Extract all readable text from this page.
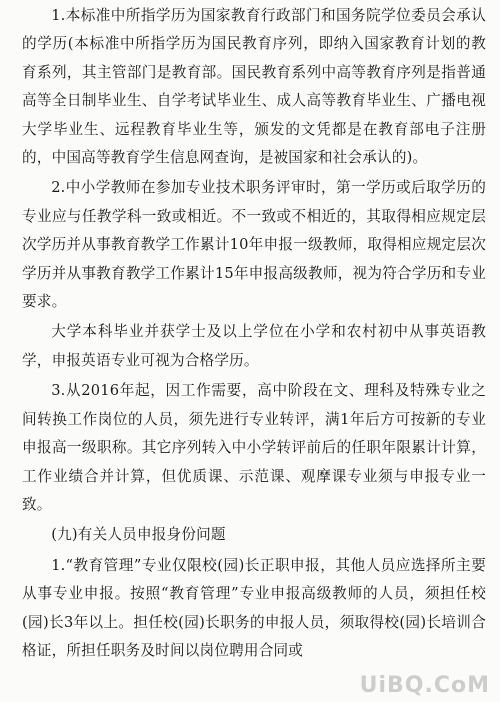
1.本标准中所指学历为国家教育行政部门和国务院学位委员会承认的学历(本标准中所指学历为国民教育序列，即纳入国家教育计划的教育系列，其主管部门是教育部。国民教育系列中高等教育序列是指普通高等全日制毕业生、自学考试毕业生、成人高等教育毕业生、广播电视大学毕业生、远程教育毕业生等，颁发的文凭都是在教育部电子注册的，中国高等教育学生信息网查询，是被国家和社会承认的)。

2.中小学教师在参加专业技术职务评审时，第一学历或后取学历的专业应与任教学科一致或相近。不一致或不相近的，其取得相应规定层次学历并从事教育教学工作累计10年申报一级教师，取得相应规定层次学历并从事教育教学工作累计15年申报高级教师，视为符合学历和专业要求。

大学本科毕业并获学士及以上学位在小学和农村初中从事英语教学，申报英语专业可视为合格学历。

3.从2016年起，因工作需要，高中阶段在文、理科及特殊专业之间转换工作岗位的人员，须先进行专业转评，满1年后方可按新的专业申报高一级职称。其它序列转入中小学转评前后的任职年限累计计算，工作业绩合并计算，但优质课、示范课、观摩课专业须与申报专业一致。

(九)有关人员申报身份问题

1.“教育管理”专业仅限校(园)长正职申报，其他人员应选择所主要从事专业申报。按照“教育管理”专业申报高级教师的人员，须担任校(园)长3年以上。担任校(园)长职务的申报人员，须取得校(园)长培训合格证，所担任职务及时间以岗位聘用合同或

UiBQ.CoM
